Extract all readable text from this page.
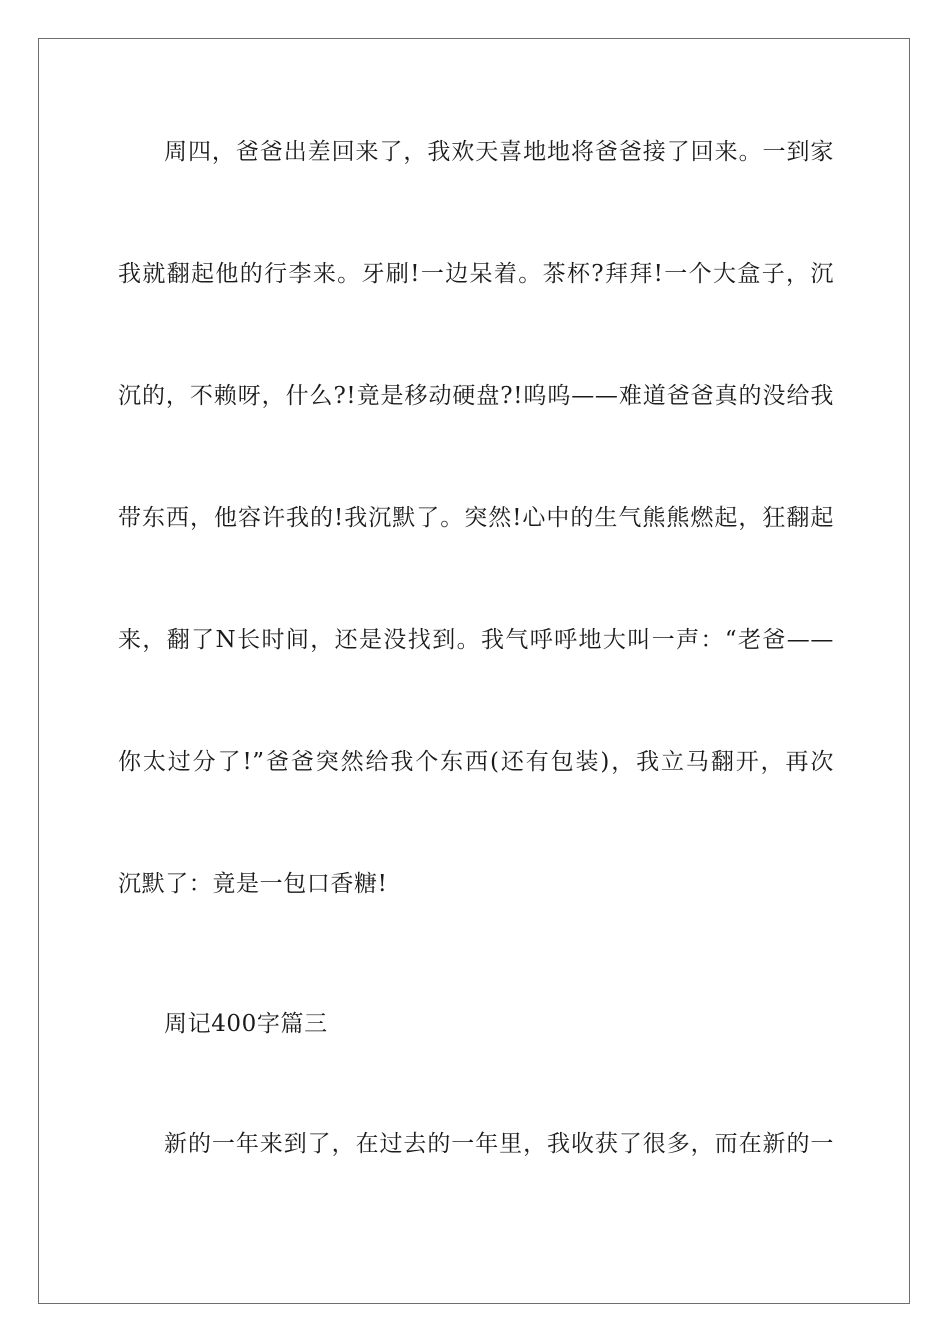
周四，爸爸出差回来了，我欢天喜地地将爸爸接了回来。一到家
我就翻起他的行李来。牙刷!一边呆着。茶杯?拜拜!一个大盒子，沉
沉的，不赖呀，什么?!竟是移动硬盘?!呜呜——难道爸爸真的没给我
带东西，他容许我的!我沉默了。突然!心中的生气熊熊燃起，狂翻起
来，翻了N长时间，还是没找到。我气呼呼地大叫一声：“老爸——
你太过分了!”爸爸突然给我个东西(还有包装)，我立马翻开，再次
沉默了：竟是一包口香糖!
周记400字篇三
新的一年来到了，在过去的一年里，我收获了很多，而在新的一
